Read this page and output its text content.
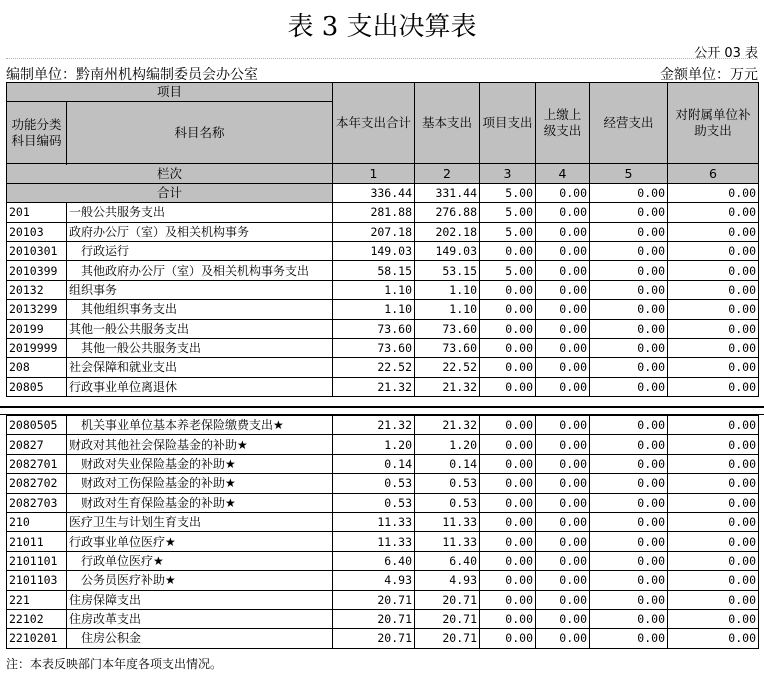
表 3 支出决算表
公开 03 表
编制单位：黔南州机构编制委员会办公室	金额单位：万元
项目		本年支出合计	基本支出	项目支出	上缴上级支出	经营支出	对附属单位补助支出
功能分类科目编码	科目名称						

栏次		1	2	3	4	5	6
合计		336.44	331.44	5.00	0.00	0.00	0.00
201	一般公共服务支出	281.88	276.88	5.00	0.00	0.00	0.00
20103	政府办公厅（室）及相关机构事务	207.18	202.18	5.00	0.00	0.00	0.00
2010301	行政运行	149.03	149.03	0.00	0.00	0.00	0.00
2010399	其他政府办公厅（室）及相关机构事务支出	58.15	53.15	5.00	0.00	0.00	0.00
20132	组织事务	1.10	1.10	0.00	0.00	0.00	0.00
2013299	其他组织事务支出	1.10	1.10	0.00	0.00	0.00	0.00
20199	其他一般公共服务支出	73.60	73.60	0.00	0.00	0.00	0.00
2019999	其他一般公共服务支出	73.60	73.60	0.00	0.00	0.00	0.00
208	社会保障和就业支出	22.52	22.52	0.00	0.00	0.00	0.00
20805	行政事业单位离退休	21.32	21.32	0.00	0.00	0.00	0.00
2080505	机关事业单位基本养老保险缴费支出★	21.32	21.32	0.00	0.00	0.00	0.00
20827	财政对其他社会保险基金的补助★	1.20	1.20	0.00	0.00	0.00	0.00
2082701	财政对失业保险基金的补助★	0.14	0.14	0.00	0.00	0.00	0.00
2082702	财政对工伤保险基金的补助★	0.53	0.53	0.00	0.00	0.00	0.00
2082703	财政对生育保险基金的补助★	0.53	0.53	0.00	0.00	0.00	0.00
210	医疗卫生与计划生育支出	11.33	11.33	0.00	0.00	0.00	0.00
21011	行政事业单位医疗★	11.33	11.33	0.00	0.00	0.00	0.00
2101101	行政单位医疗★	6.40	6.40	0.00	0.00	0.00	0.00
2101103	公务员医疗补助★	4.93	4.93	0.00	0.00	0.00	0.00
221	住房保障支出	20.71	20.71	0.00	0.00	0.00	0.00
22102	住房改革支出	20.71	20.71	0.00	0.00	0.00	0.00
2210201	住房公积金	20.71	20.71	0.00	0.00	0.00	0.00
注：本表反映部门本年度各项支出情况。
